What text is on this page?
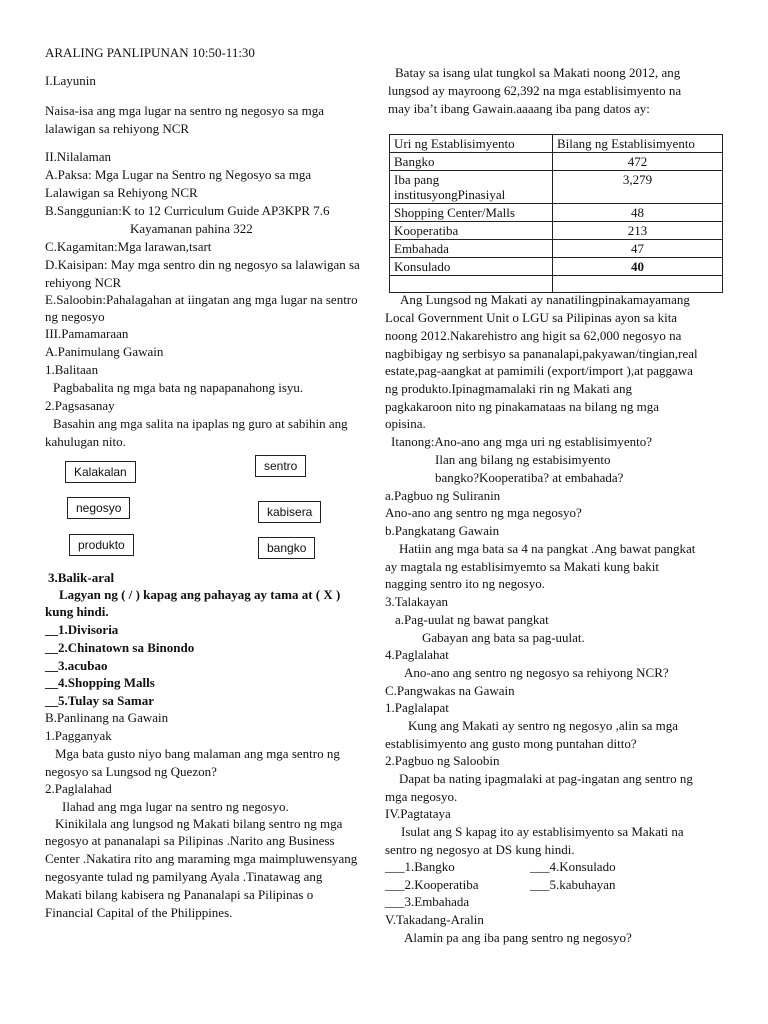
ARALING PANLIPUNAN 10:50-11:30
I.Layunin
Naisa-isa ang mga lugar na sentro ng negosyo sa mga
lalawigan sa rehiyong NCR
II.Nilalaman
A.Paksa: Mga Lugar na Sentro ng Negosyo sa mga
Lalawigan sa Rehiyong NCR
B.Sanggunian:K to 12 Curriculum Guide AP3KPR 7.6
Kayamanan pahina 322
C.Kagamitan:Mga larawan,tsart
D.Kaisipan: May mga sentro din ng negosyo sa lalawigan sa
rehiyong NCR
E.Saloobin:Pahalagahan at iingatan ang mga lugar na sentro
ng negosyo
III.Pamamaraan
A.Panimulang Gawain
1.Balitaan
Pagbabalita ng mga bata ng napapanahong isyu.
2.Pagsasanay
Basahin ang mga salita na ipaplas ng guro at sabihin ang
kahulugan nito.
Kalakalan	sentro
negosyo	kabisera
produkto	bangko
3.Balik-aral
Lagyan ng ( / ) kapag ang pahayag ay tama at ( X )
kung hindi.
__1.Divisoria
__2.Chinatown sa Binondo
__3.acubao
__4.Shopping Malls
__5.Tulay sa Samar
B.Panlinang na Gawain
1.Pagganyak
Mga bata gusto niyo bang malaman ang mga sentro ng
negosyo sa Lungsod ng Quezon?
2.Paglalahad
Ilahad ang mga lugar na sentro ng negosyo.
Kinikilala ang lungsod ng Makati bilang sentro ng mga
negosyo at pananalapi sa Pilipinas .Narito ang Business
Center .Nakatira rito ang maraming mga maimpluwensyang
negosyante tulad ng pamilyang Ayala .Tinatawag ang
Makati bilang kabisera ng Pananalapi sa Pilipinas o
Financial Capital of the Philippines.
Batay sa isang ulat tungkol sa Makati noong 2012, ang
lungsod ay mayroong 62,392 na mga establisimyento na
may iba’t ibang Gawain.aaaang iba pang datos ay:
Uri ng Establisimyento	Bilang ng Establisimyento
Bangko	472
Iba pang institusyongPinasiyal	3,279
Shopping Center/Malls	48
Kooperatiba	213
Embahada	47
Konsulado	40

Ang Lungsod ng Makati ay nanatilingpinakamayamang
Local Government Unit o LGU sa Pilipinas ayon sa kita
noong 2012.Nakarehistro ang higit sa 62,000 negosyo na
nagbibigay ng serbisyo sa pananalapi,pakyawan/tingian,real
estate,pag-aangkat at pamimili (export/import ),at paggawa
ng produkto.Ipinagmamalaki rin ng Makati ang
pagkakaroon nito ng pinakamataas na bilang ng mga
opisina.
Itanong:Ano-ano ang mga uri ng establisimyento?
Ilan ang bilang ng estabisimyento
bangko?Kooperatiba? at embahada?
a.Pagbuo ng Suliranin
Ano-ano ang sentro ng mga negosyo?
b.Pangkatang Gawain
Hatiin ang mga bata sa 4 na pangkat .Ang bawat pangkat
ay magtala ng establisimyemto sa Makati kung bakit
nagging sentro ito ng negosyo.
3.Talakayan
a.Pag-uulat ng bawat pangkat
Gabayan ang bata sa pag-uulat.
4.Paglalahat
Ano-ano ang sentro ng negosyo sa rehiyong NCR?
C.Pangwakas na Gawain
1.Paglalapat
Kung ang Makati ay sentro ng negosyo ,alin sa mga
establisimyento ang gusto mong puntahan ditto?
2.Pagbuo ng Saloobin
Dapat ba nating ipagmalaki at pag-ingatan ang sentro ng
mga negosyo.
IV.Pagtataya
Isulat ang S kapag ito ay establisimyento sa Makati na
sentro ng negosyo at DS kung hindi.
___1.Bangko	___4.Konsulado
___2.Kooperatiba	___5.kabuhayan
___3.Embahada
V.Takadang-Aralin
Alamin pa ang iba pang sentro ng negosyo?
